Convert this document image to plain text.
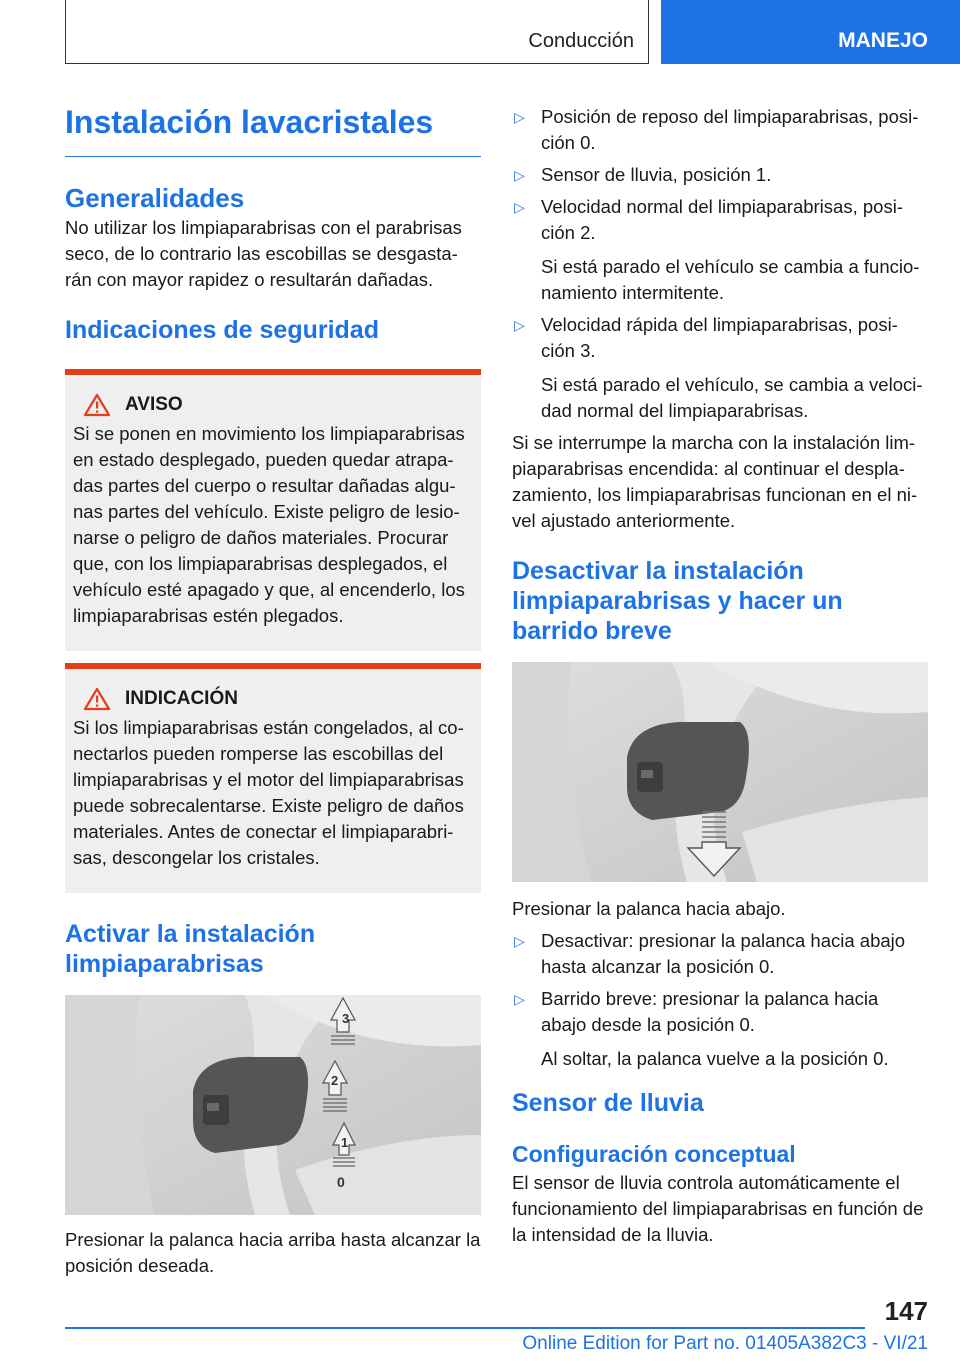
Conducción	MANEJO
Instalación lavacristales
Generalidades

No utilizar los limpiaparabrisas con el parabrisas seco, de lo contrario las escobillas se desgasta-rán con mayor rapidez o resultarán dañadas.

Indicaciones de seguridad
AVISO

Si se ponen en movimiento los limpiaparabrisas en estado desplegado, pueden quedar atrapa-das partes del cuerpo o resultar dañadas algu-nas partes del vehículo. Existe peligro de lesio-narse o peligro de daños materiales. Procurar que, con los limpiaparabrisas desplegados, el vehículo esté apagado y que, al encenderlo, los limpiaparabrisas estén plegados.

INDICACIÓN

Si los limpiaparabrisas están congelados, al co-nectarlos pueden romperse las escobillas del limpiaparabrisas y el motor del limpiaparabrisas puede sobrecalentarse. Existe peligro de daños materiales. Antes de conectar el limpiaparabri-sas, descongelar los cristales.

Activar la instalación limpiaparabrisas
3
2
1
0

Presionar la palanca hacia arriba hasta alcanzar la posición deseada.

▷ Posición de reposo del limpiaparabrisas, posi-ción 0.
▷ Sensor de lluvia, posición 1.
▷ Velocidad normal del limpiaparabrisas, posi-ción 2.

Si está parado el vehículo se cambia a funcio-namiento intermitente.

▷ Velocidad rápida del limpiaparabrisas, posi-ción 3.

Si está parado el vehículo, se cambia a veloci-dad normal del limpiaparabrisas.

Si se interrumpe la marcha con la instalación lim-piaparabrisas encendida: al continuar el despla-zamiento, los limpiaparabrisas funcionan en el ni-vel ajustado anteriormente.

Desactivar la instalación limpiaparabrisas y hacer un barrido breve

Presionar la palanca hacia abajo.

▷ Desactivar: presionar la palanca hacia abajo hasta alcanzar la posición 0.
▷ Barrido breve: presionar la palanca hacia abajo desde la posición 0.

Al soltar, la palanca vuelve a la posición 0.

Sensor de lluvia
Configuración conceptual

El sensor de lluvia controla automáticamente el funcionamiento del limpiaparabrisas en función de la intensidad de la lluvia.

147
Online Edition for Part no. 01405A382C3 - VI/21
